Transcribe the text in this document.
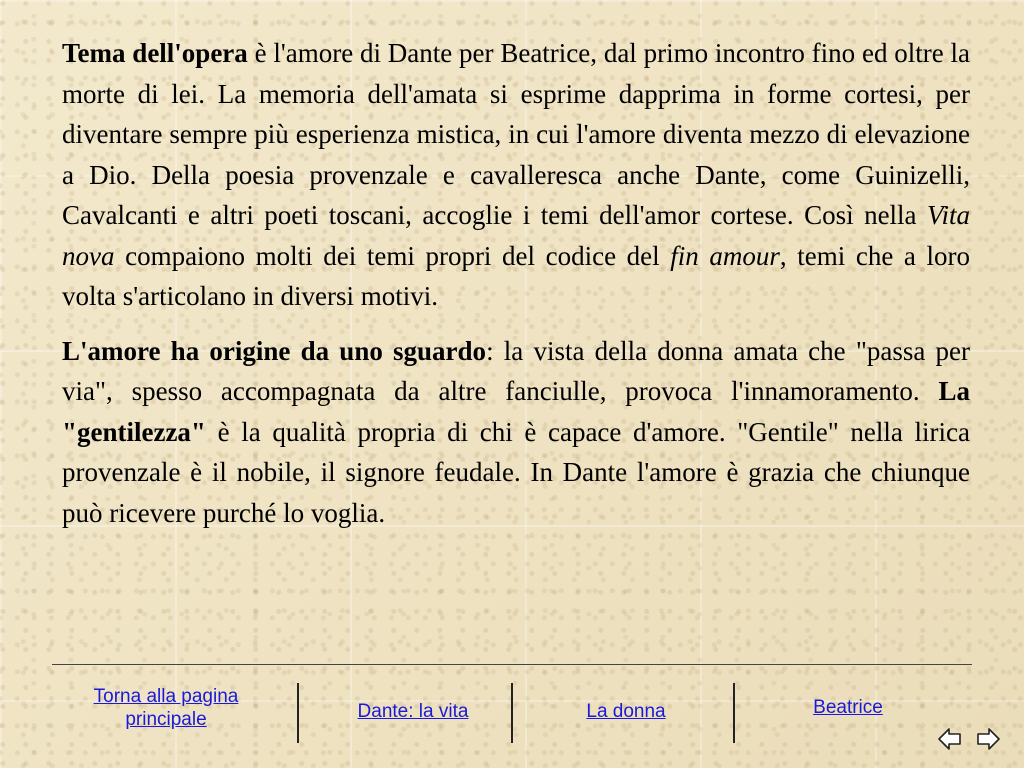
Tema dell'opera è l'amore di Dante per Beatrice, dal primo incontro fino ed oltre la morte di lei. La memoria dell'amata si esprime dapprima in forme cortesi, per diventare sempre più esperienza mistica, in cui l'amore diventa mezzo di elevazione a Dio. Della poesia provenzale e cavalleresca anche Dante, come Guinizelli, Cavalcanti e altri poeti toscani, accoglie i temi dell'amor cortese. Così nella Vita nova compaiono molti dei temi propri del codice del fin amour, temi che a loro volta s'articolano in diversi motivi.

L'amore ha origine da uno sguardo: la vista della donna amata che "passa per via", spesso accompagnata da altre fanciulle, provoca l'innamoramento. La "gentilezza" è la qualità propria di chi è capace d'amore. "Gentile" nella lirica provenzale è il nobile, il signore feudale. In Dante l'amore è grazia che chiunque può ricevere purché lo voglia.

Torna alla pagina
principale	Dante: la vita	La donna	Beatrice
